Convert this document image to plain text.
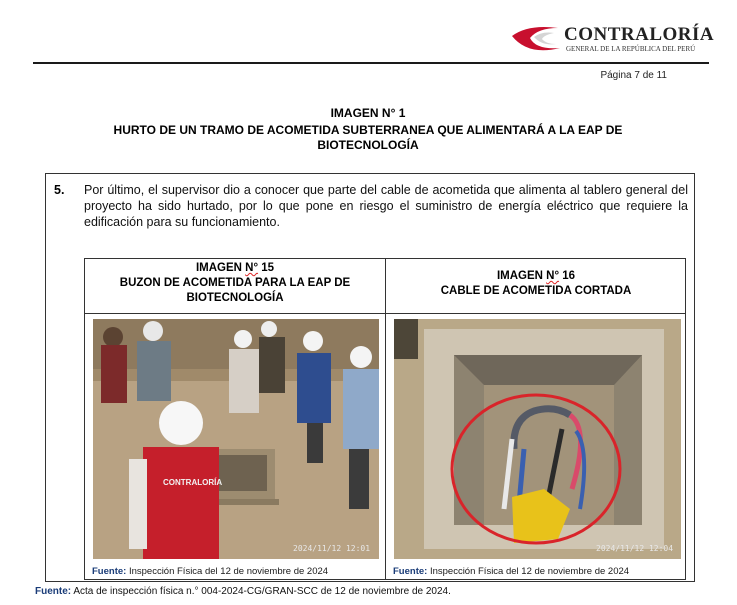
CONTRALORÍA
GENERAL DE LA REPÚBLICA DEL PERÚ
Página 7 de 11
IMAGEN N° 1
HURTO DE UN TRAMO DE ACOMETIDA SUBTERRANEA QUE ALIMENTARÁ A LA EAP DE BIOTECNOLOGÍA
5. Por último, el supervisor dio a conocer que parte del cable de acometida que alimenta al tablero general del proyecto ha sido hurtado, por lo que pone en riesgo el suministro de energía eléctrico que requiere la edificación para su funcionamiento.
IMAGEN N° 15
BUZON DE ACOMETIDA PARA LA EAP DE
BIOTECNOLOGÍA
IMAGEN N° 16
CABLE DE ACOMETIDA CORTADA
CONTRALORÍA
2024/11/12 12:01	2024/11/12 12:04
Fuente: Inspección Física del 12 de noviembre de 2024	Fuente: Inspección Física del 12 de noviembre de 2024
Fuente: Acta de inspección física n.° 004-2024-CG/GRAN-SCC de 12 de noviembre de 2024.
